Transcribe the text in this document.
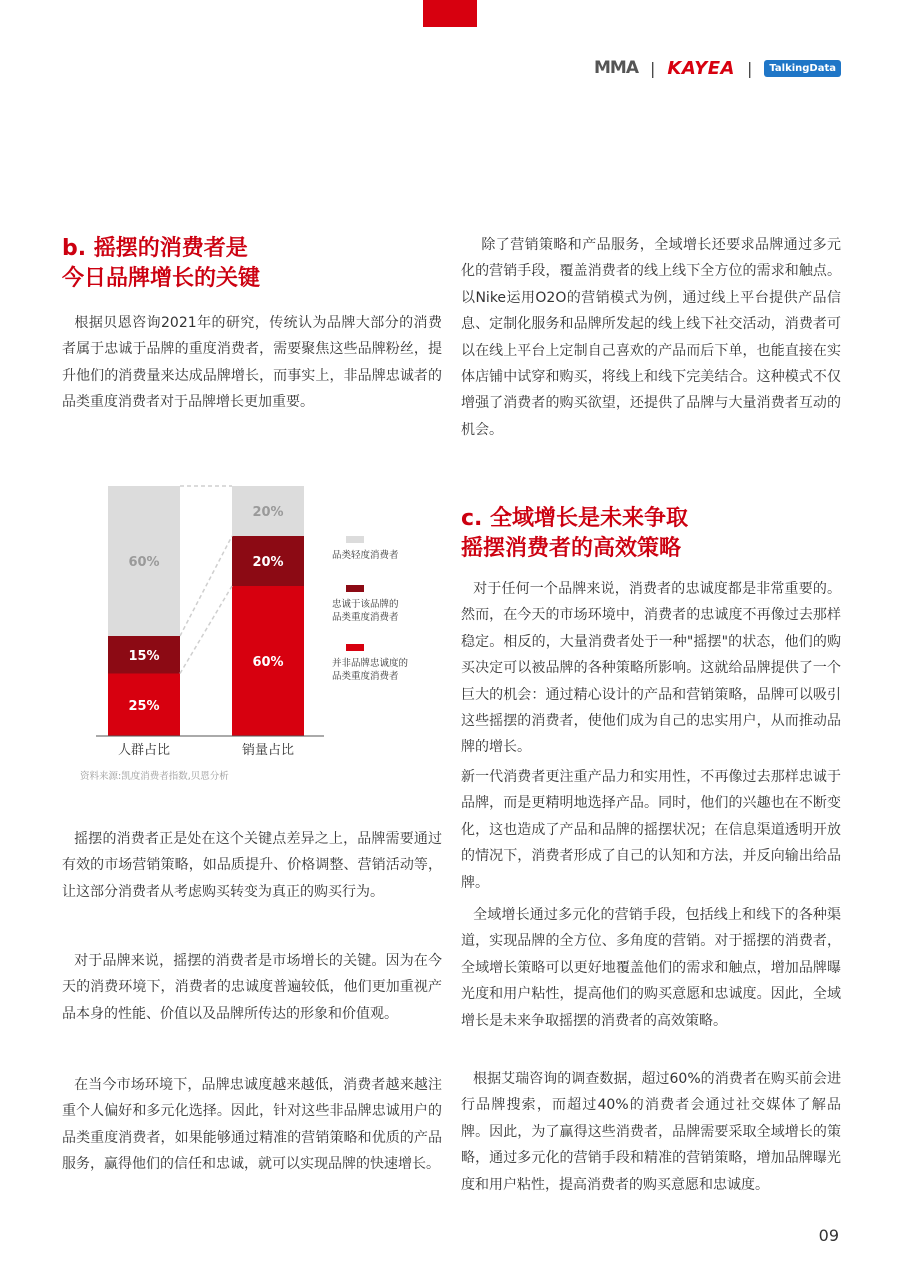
MMA | KAYEA |	TalkingData
b. 摇摆的消费者是
今日品牌增长的关键

根据贝恩咨询2021年的研究，传统认为品牌大部分的消费者属于忠诚于品牌的重度消费者，需要聚焦这些品牌粉丝，提升他们的消费量来达成品牌增长，而事实上，非品牌忠诚者的品类重度消费者对于品牌增长更加重要。

25%
15%
60%
人群占比
60%
20%
20%
销量占比
品类轻度消费者
忠诚于该品牌的
品类重度消费者
并非品牌忠诚度的
品类重度消费者
资料来源:凯度消费者指数,贝恩分析

摇摆的消费者正是处在这个关键点差异之上，品牌需要通过有效的市场营销策略，如品质提升、价格调整、营销活动等，让这部分消费者从考虑购买转变为真正的购买行为。

对于品牌来说，摇摆的消费者是市场增长的关键。因为在今天的消费环境下，消费者的忠诚度普遍较低，他们更加重视产品本身的性能、价值以及品牌所传达的形象和价值观。

在当今市场环境下，品牌忠诚度越来越低，消费者越来越注重个人偏好和多元化选择。因此，针对这些非品牌忠诚用户的品类重度消费者，如果能够通过精准的营销策略和优质的产品服务，赢得他们的信任和忠诚，就可以实现品牌的快速增长。

除了营销策略和产品服务，全域增长还要求品牌通过多元化的营销手段，覆盖消费者的线上线下全方位的需求和触点。以Nike运用O2O的营销模式为例，通过线上平台提供产品信息、定制化服务和品牌所发起的线上线下社交活动，消费者可以在线上平台上定制自己喜欢的产品而后下单，也能直接在实体店铺中试穿和购买，将线上和线下完美结合。这种模式不仅增强了消费者的购买欲望，还提供了品牌与大量消费者互动的机会。

c. 全域增长是未来争取
摇摆消费者的高效策略

对于任何一个品牌来说，消费者的忠诚度都是非常重要的。然而，在今天的市场环境中，消费者的忠诚度不再像过去那样稳定。相反的，大量消费者处于一种"摇摆"的状态，他们的购买决定可以被品牌的各种策略所影响。这就给品牌提供了一个巨大的机会：通过精心设计的产品和营销策略，品牌可以吸引这些摇摆的消费者，使他们成为自己的忠实用户，从而推动品牌的增长。

新一代消费者更注重产品力和实用性，不再像过去那样忠诚于品牌，而是更精明地选择产品。同时，他们的兴趣也在不断变化，这也造成了产品和品牌的摇摆状况；在信息渠道透明开放的情况下，消费者形成了自己的认知和方法，并反向输出给品牌。

全域增长通过多元化的营销手段，包括线上和线下的各种渠道，实现品牌的全方位、多角度的营销。对于摇摆的消费者，全域增长策略可以更好地覆盖他们的需求和触点，增加品牌曝光度和用户粘性，提高他们的购买意愿和忠诚度。因此，全域增长是未来争取摇摆的消费者的高效策略。

根据艾瑞咨询的调查数据，超过60%的消费者在购买前会进行品牌搜索，而超过40%的消费者会通过社交媒体了解品牌。因此，为了赢得这些消费者，品牌需要采取全域增长的策略，通过多元化的营销手段和精准的营销策略，增加品牌曝光度和用户粘性，提高消费者的购买意愿和忠诚度。

09
